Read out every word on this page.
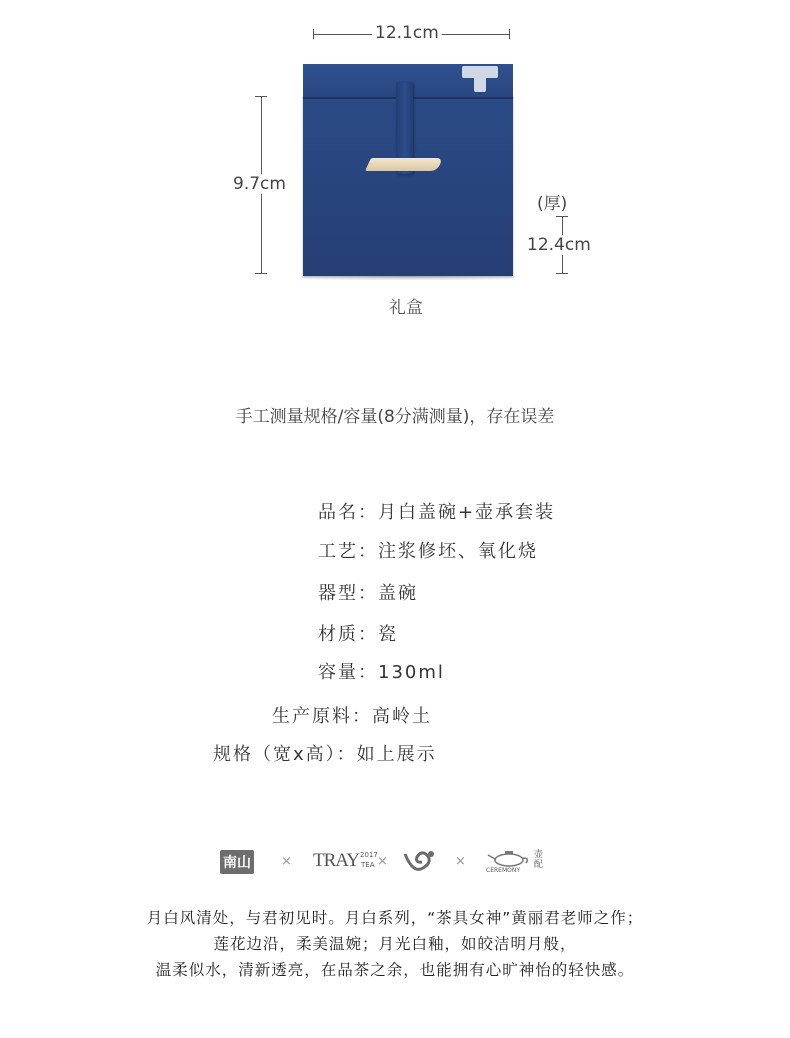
12.1cm
9.7cm
(厚)
12.4cm
礼盒
手工测量规格/容量(8分满测量)，存在误差
品名：月白盖碗+壶承套装
工艺：注浆修坯、氧化烧
器型：盖碗
材质：瓷
容量：130ml
生产原料：高岭土
规格（宽x高）：如上展示
南山 × TRAY 2017
TEA ×	×
CEREMONY
壶配
月白风清处，与君初见时。月白系列，“茶具女神”黄丽君老师之作；
莲花边沿，柔美温婉；月光白釉，如皎洁明月般，
温柔似水，清新透亮，在品茶之余，也能拥有心旷神怡的轻快感。
